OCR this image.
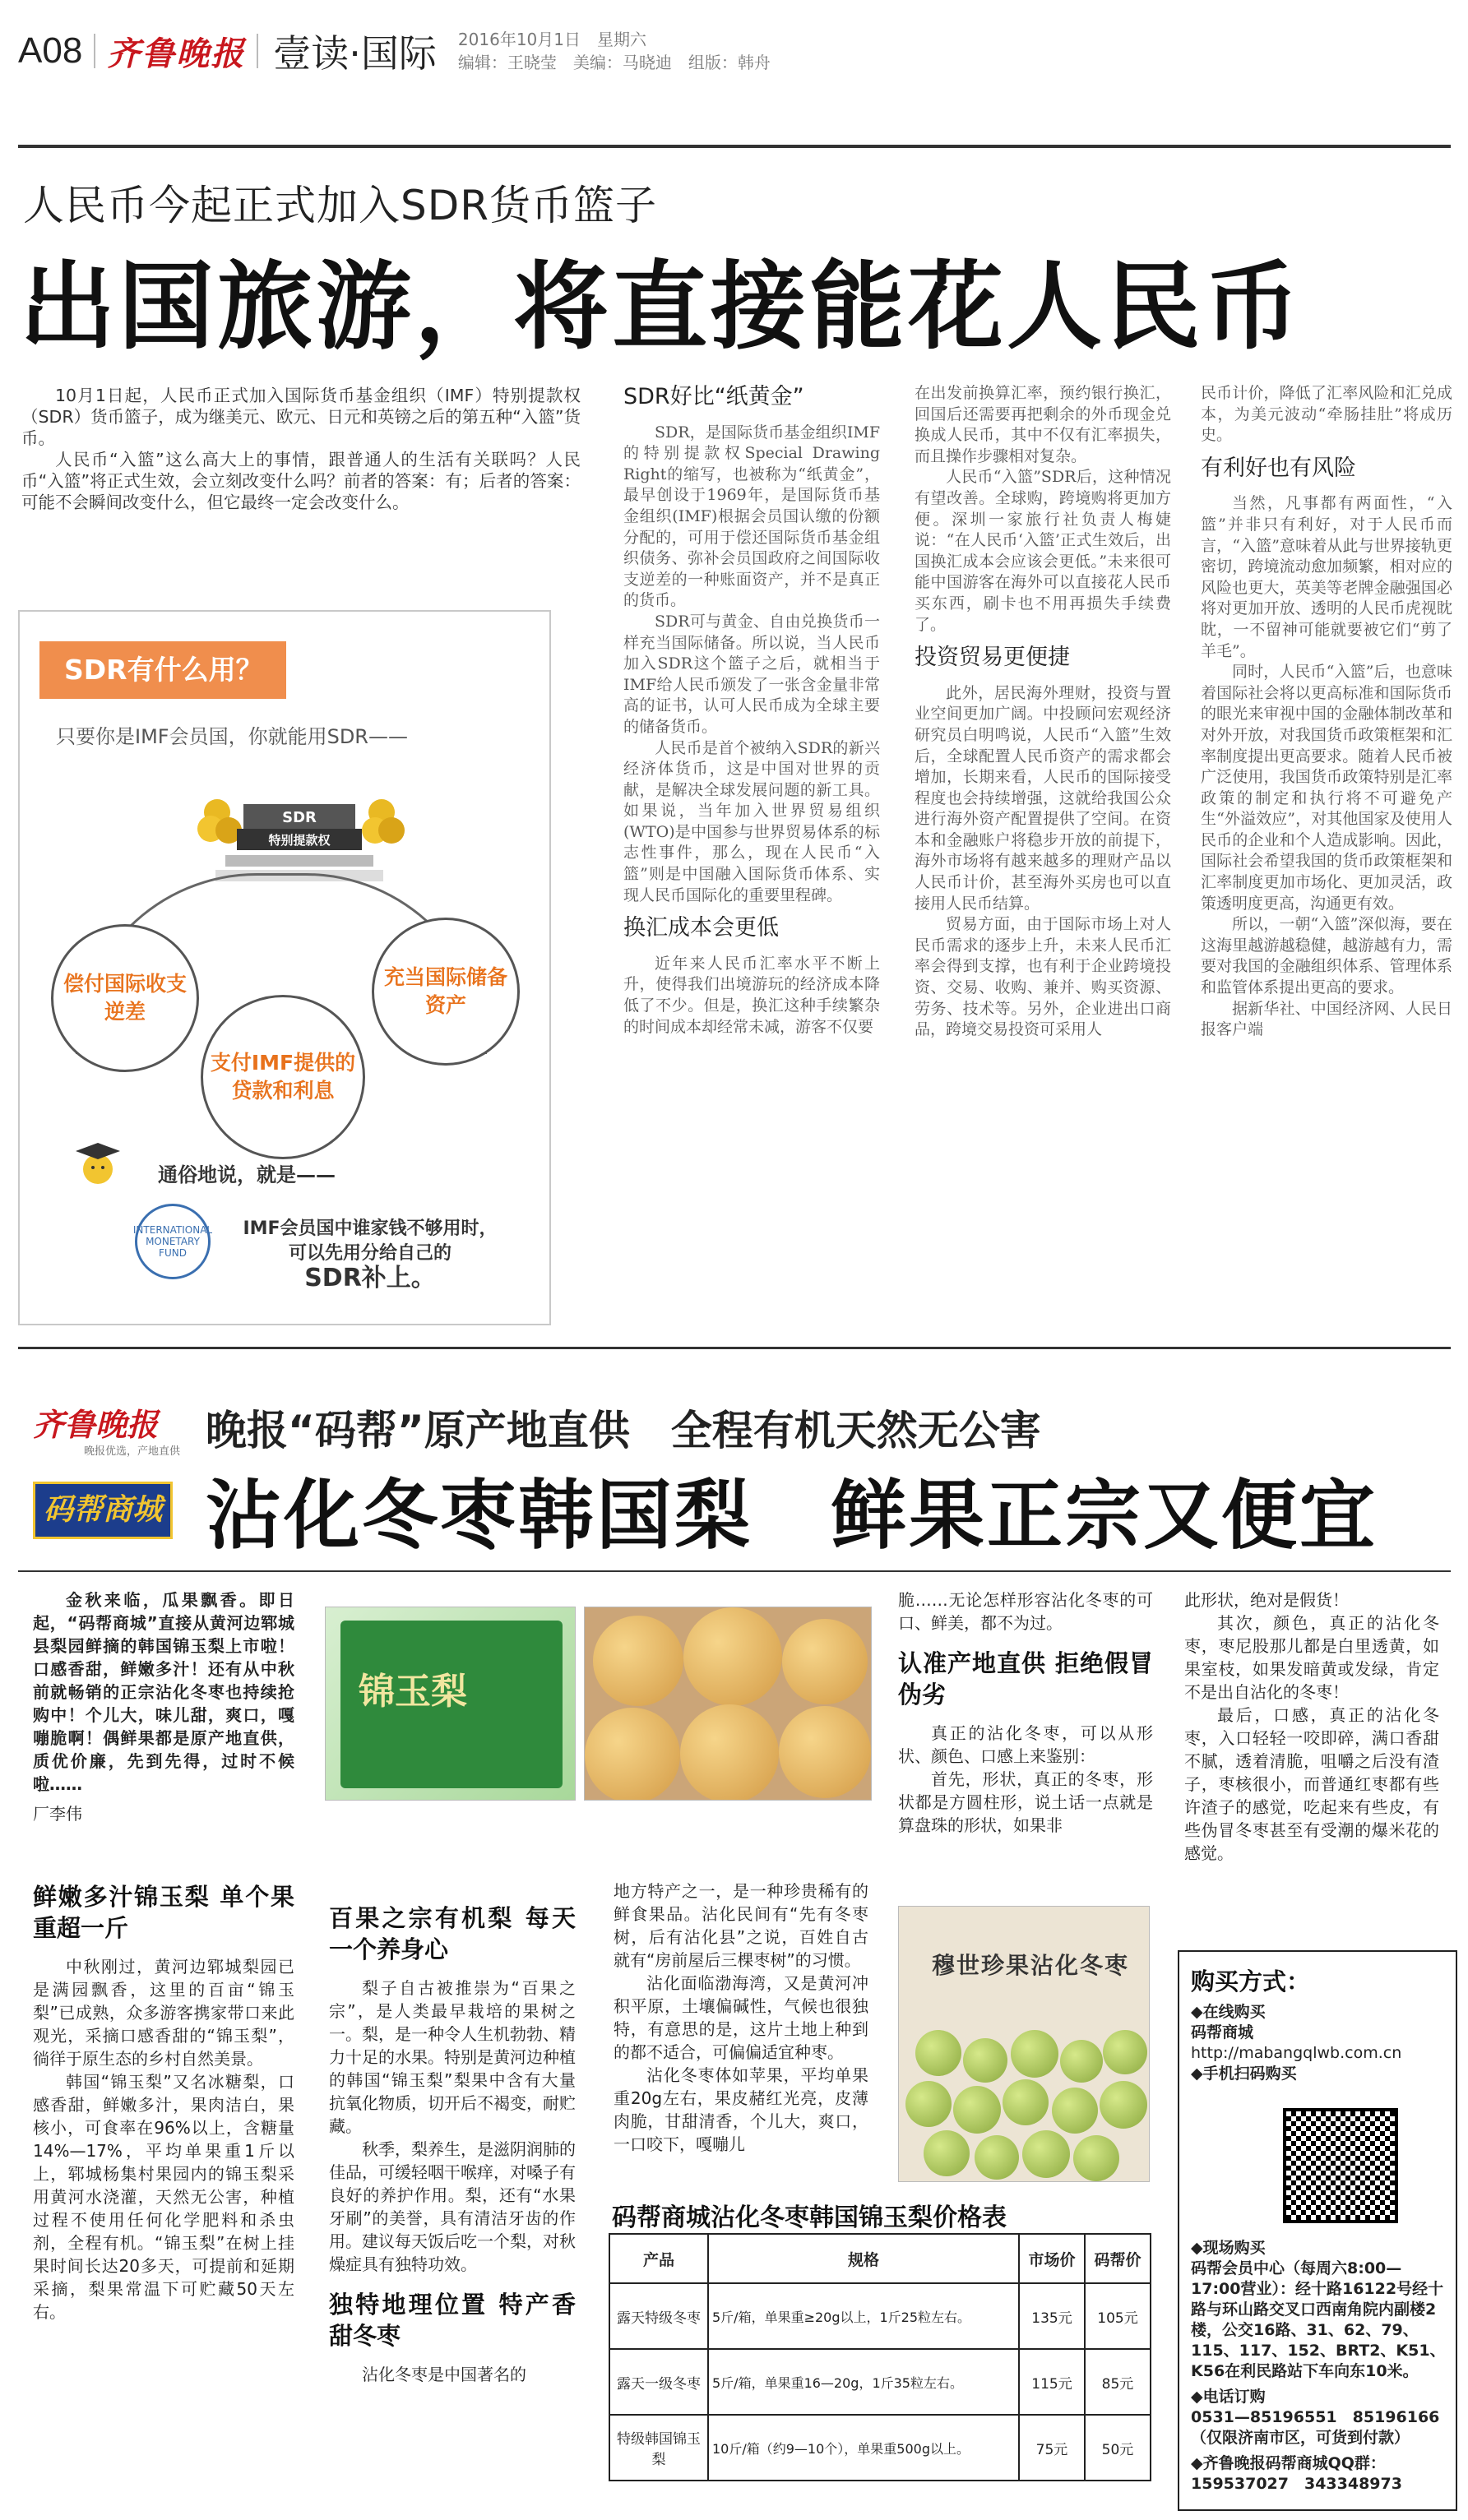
A08 齐鲁晚报 壹读·国际 2016年10月1日　星期六
编辑：王晓莹　美编：马晓迪　组版：韩舟
人民币今起正式加入SDR货币篮子
出国旅游，将直接能花人民币

10月1日起，人民币正式加入国际货币基金组织（IMF）特别提款权（SDR）货币篮子，成为继美元、欧元、日元和英镑之后的第五种“入篮”货币。

人民币“入篮”这么高大上的事情，跟普通人的生活有关联吗？人民币“入篮”将正式生效，会立刻改变什么吗？前者的答案：有；后者的答案：可能不会瞬间改变什么，但它最终一定会改变什么。

SDR有什么用？
只要你是IMF会员国，你就能用SDR——
SDR
特别提款权
偿付国际收支逆差
支付IMF提供的贷款和利息
充当国际储备资产
通俗地说，就是——
INTERNATIONAL MONETARY FUND
IMF会员国中谁家钱不够用时，
可以先用分给自己的
SDR补上。
SDR好比“纸黄金”

SDR，是国际货币基金组织IMF的特别提款权Special Drawing Right的缩写，也被称为“纸黄金”，最早创设于1969年，是国际货币基金组织(IMF)根据会员国认缴的份额分配的，可用于偿还国际货币基金组织债务、弥补会员国政府之间国际收支逆差的一种账面资产，并不是真正的货币。

SDR可与黄金、自由兑换货币一样充当国际储备。所以说，当人民币加入SDR这个篮子之后，就相当于IMF给人民币颁发了一张含金量非常高的证书，认可人民币成为全球主要的储备货币。

人民币是首个被纳入SDR的新兴经济体货币，这是中国对世界的贡献，是解决全球发展问题的新工具。如果说，当年加入世界贸易组织(WTO)是中国参与世界贸易体系的标志性事件，那么，现在人民币“入篮”则是中国融入国际货币体系、实现人民币国际化的重要里程碑。

换汇成本会更低

近年来人民币汇率水平不断上升，使得我们出境游玩的经济成本降低了不少。但是，换汇这种手续繁杂的时间成本却经常未减，游客不仅要

在出发前换算汇率，预约银行换汇，回国后还需要再把剩余的外币现金兑换成人民币，其中不仅有汇率损失，而且操作步骤相对复杂。

人民币“入篮”SDR后，这种情况有望改善。全球购，跨境购将更加方便。深圳一家旅行社负责人梅婕说：“在人民币‘入篮’正式生效后，出国换汇成本会应该会更低。”未来很可能中国游客在海外可以直接花人民币买东西，刷卡也不用再损失手续费了。

投资贸易更便捷

此外，居民海外理财，投资与置业空间更加广阔。中投顾问宏观经济研究员白明鸣说，人民币“入篮”生效后，全球配置人民币资产的需求都会增加，长期来看，人民币的国际接受程度也会持续增强，这就给我国公众进行海外资产配置提供了空间。在资本和金融账户将稳步开放的前提下，海外市场将有越来越多的理财产品以人民币计价，甚至海外买房也可以直接用人民币结算。

贸易方面，由于国际市场上对人民币需求的逐步上升，未来人民币汇率会得到支撑，也有利于企业跨境投资、交易、收购、兼并、购买资源、劳务、技术等。另外，企业进出口商品，跨境交易投资可采用人

民币计价，降低了汇率风险和汇兑成本，为美元波动“牵肠挂肚”将成历史。

有利好也有风险

当然，凡事都有两面性，“入篮”并非只有利好，对于人民币而言，“入篮”意味着从此与世界接轨更密切，跨境流动愈加频繁，相对应的风险也更大，英美等老牌金融强国必将对更加开放、透明的人民币虎视眈眈，一不留神可能就要被它们“剪了羊毛”。

同时，人民币“入篮”后，也意味着国际社会将以更高标准和国际货币的眼光来审视中国的金融体制改革和对外开放，对我国货币政策框架和汇率制度提出更高要求。随着人民币被广泛使用，我国货币政策特别是汇率政策的制定和执行将不可避免产生“外溢效应”，对其他国家及使用人民币的企业和个人造成影响。因此，国际社会希望我国的货币政策框架和汇率制度更加市场化、更加灵活，政策透明度更高，沟通更有效。

所以，一朝“入篮”深似海，要在这海里越游越稳健，越游越有力，需要对我国的金融组织体系、管理体系和监管体系提出更高的要求。

据新华社、中国经济网、人民日报客户端

齐鲁晚报
晚报优选，产地直供
码帮商城
晚报“码帮”原产地直供　全程有机天然无公害
沾化冬枣韩国梨　鲜果正宗又便宜

金秋来临，瓜果飘香。即日起，“码帮商城”直接从黄河边郓城县梨园鲜摘的韩国锦玉梨上市啦！口感香甜，鲜嫩多汁！还有从中秋前就畅销的正宗沾化冬枣也持续抢购中！个儿大，味儿甜，爽口，嘎嘣脆啊！偶鲜果都是原产地直供，质优价廉，先到先得，过时不候啦……

厂李伟

鲜嫩多汁锦玉梨 单个果重超一斤

中秋刚过，黄河边郓城梨园已是满园飘香，这里的百亩“锦玉梨”已成熟，众多游客携家带口来此观光，采摘口感香甜的“锦玉梨”，徜徉于原生态的乡村自然美景。

韩国“锦玉梨”又名冰糖梨，口感香甜，鲜嫩多汁，果肉洁白，果核小，可食率在96%以上，含糖量14%—17%，平均单果重1斤以上，郓城杨集村果园内的锦玉梨采用黄河水浇灌，天然无公害，种植过程不使用任何化学肥料和杀虫剂，全程有机。“锦玉梨”在树上挂果时间长达20多天，可提前和延期采摘，梨果常温下可贮藏50天左右。

锦玉梨
百果之宗有机梨 每天一个养身心

梨子自古被推崇为“百果之宗”，是人类最早栽培的果树之一。梨，是一种令人生机勃勃、精力十足的水果。特别是黄河边种植的韩国“锦玉梨”梨果中含有大量抗氧化物质，切开后不褐变，耐贮藏。

秋季，梨养生，是滋阴润肺的佳品，可缓轻咽干喉痒，对嗓子有良好的养护作用。梨，还有“水果牙刷”的美誉，具有清洁牙齿的作用。建议每天饭后吃一个梨，对秋燥症具有独特功效。

独特地理位置 特产香甜冬枣

沾化冬枣是中国著名的

地方特产之一，是一种珍贵稀有的鲜食果品。沾化民间有“先有冬枣树，后有沾化县”之说，百姓自古就有“房前屋后三棵枣树”的习惯。

沾化面临渤海湾，又是黄河冲积平原，土壤偏碱性，气候也很独特，有意思的是，这片土地上种到的都不适合，可偏偏适宜种枣。

沾化冬枣体如苹果，平均单果重20g左右，果皮赭红光亮，皮薄肉脆，甘甜清香，个儿大，爽口，一口咬下，嘎嘣儿

脆……无论怎样形容沾化冬枣的可口、鲜美，都不为过。

认准产地直供 拒绝假冒伪劣

真正的沾化冬枣，可以从形状、颜色、口感上来鉴别：

首先，形状，真正的冬枣，形状都是方圆柱形，说土话一点就是算盘珠的形状，如果非

穆世珍果沾化冬枣

此形状，绝对是假货！

其次，颜色，真正的沾化冬枣，枣尼股那儿都是白里透黄，如果室枝，如果发暗黄或发绿，肯定不是出自沾化的冬枣！

最后，口感，真正的沾化冬枣，入口轻轻一咬即碎，满口香甜不腻，透着清脆，咀嚼之后没有渣子，枣核很小，而普通红枣都有些许渣子的感觉，吃起来有些皮，有些伪冒冬枣甚至有受潮的爆米花的感觉。

购买方式：
◆在线购买
码帮商城
http://mabangqlwb.com.cn
◆手机扫码购买
◆现场购买
码帮会员中心（每周六8:00—17:00营业）：经十路16122号经十路与环山路交叉口西南角院内副楼2楼，公交16路、31、62、79、115、117、152、BRT2、K51、K56在利民路站下车向东10米。
◆电话订购
0531—85196551　85196166（仅限济南市区，可货到付款）
◆齐鲁晚报码帮商城QQ群：
159537027　343348973
码帮商城沾化冬枣韩国锦玉梨价格表
产品	规格	市场价	码帮价
露天特级冬枣	5斤/箱，单果重≥20g以上，1斤25粒左右。	135元	105元
露天一级冬枣	5斤/箱，单果重16—20g，1斤35粒左右。	115元	85元
特级韩国锦玉梨	10斤/箱（约9—10个），单果重500g以上。	75元	50元
